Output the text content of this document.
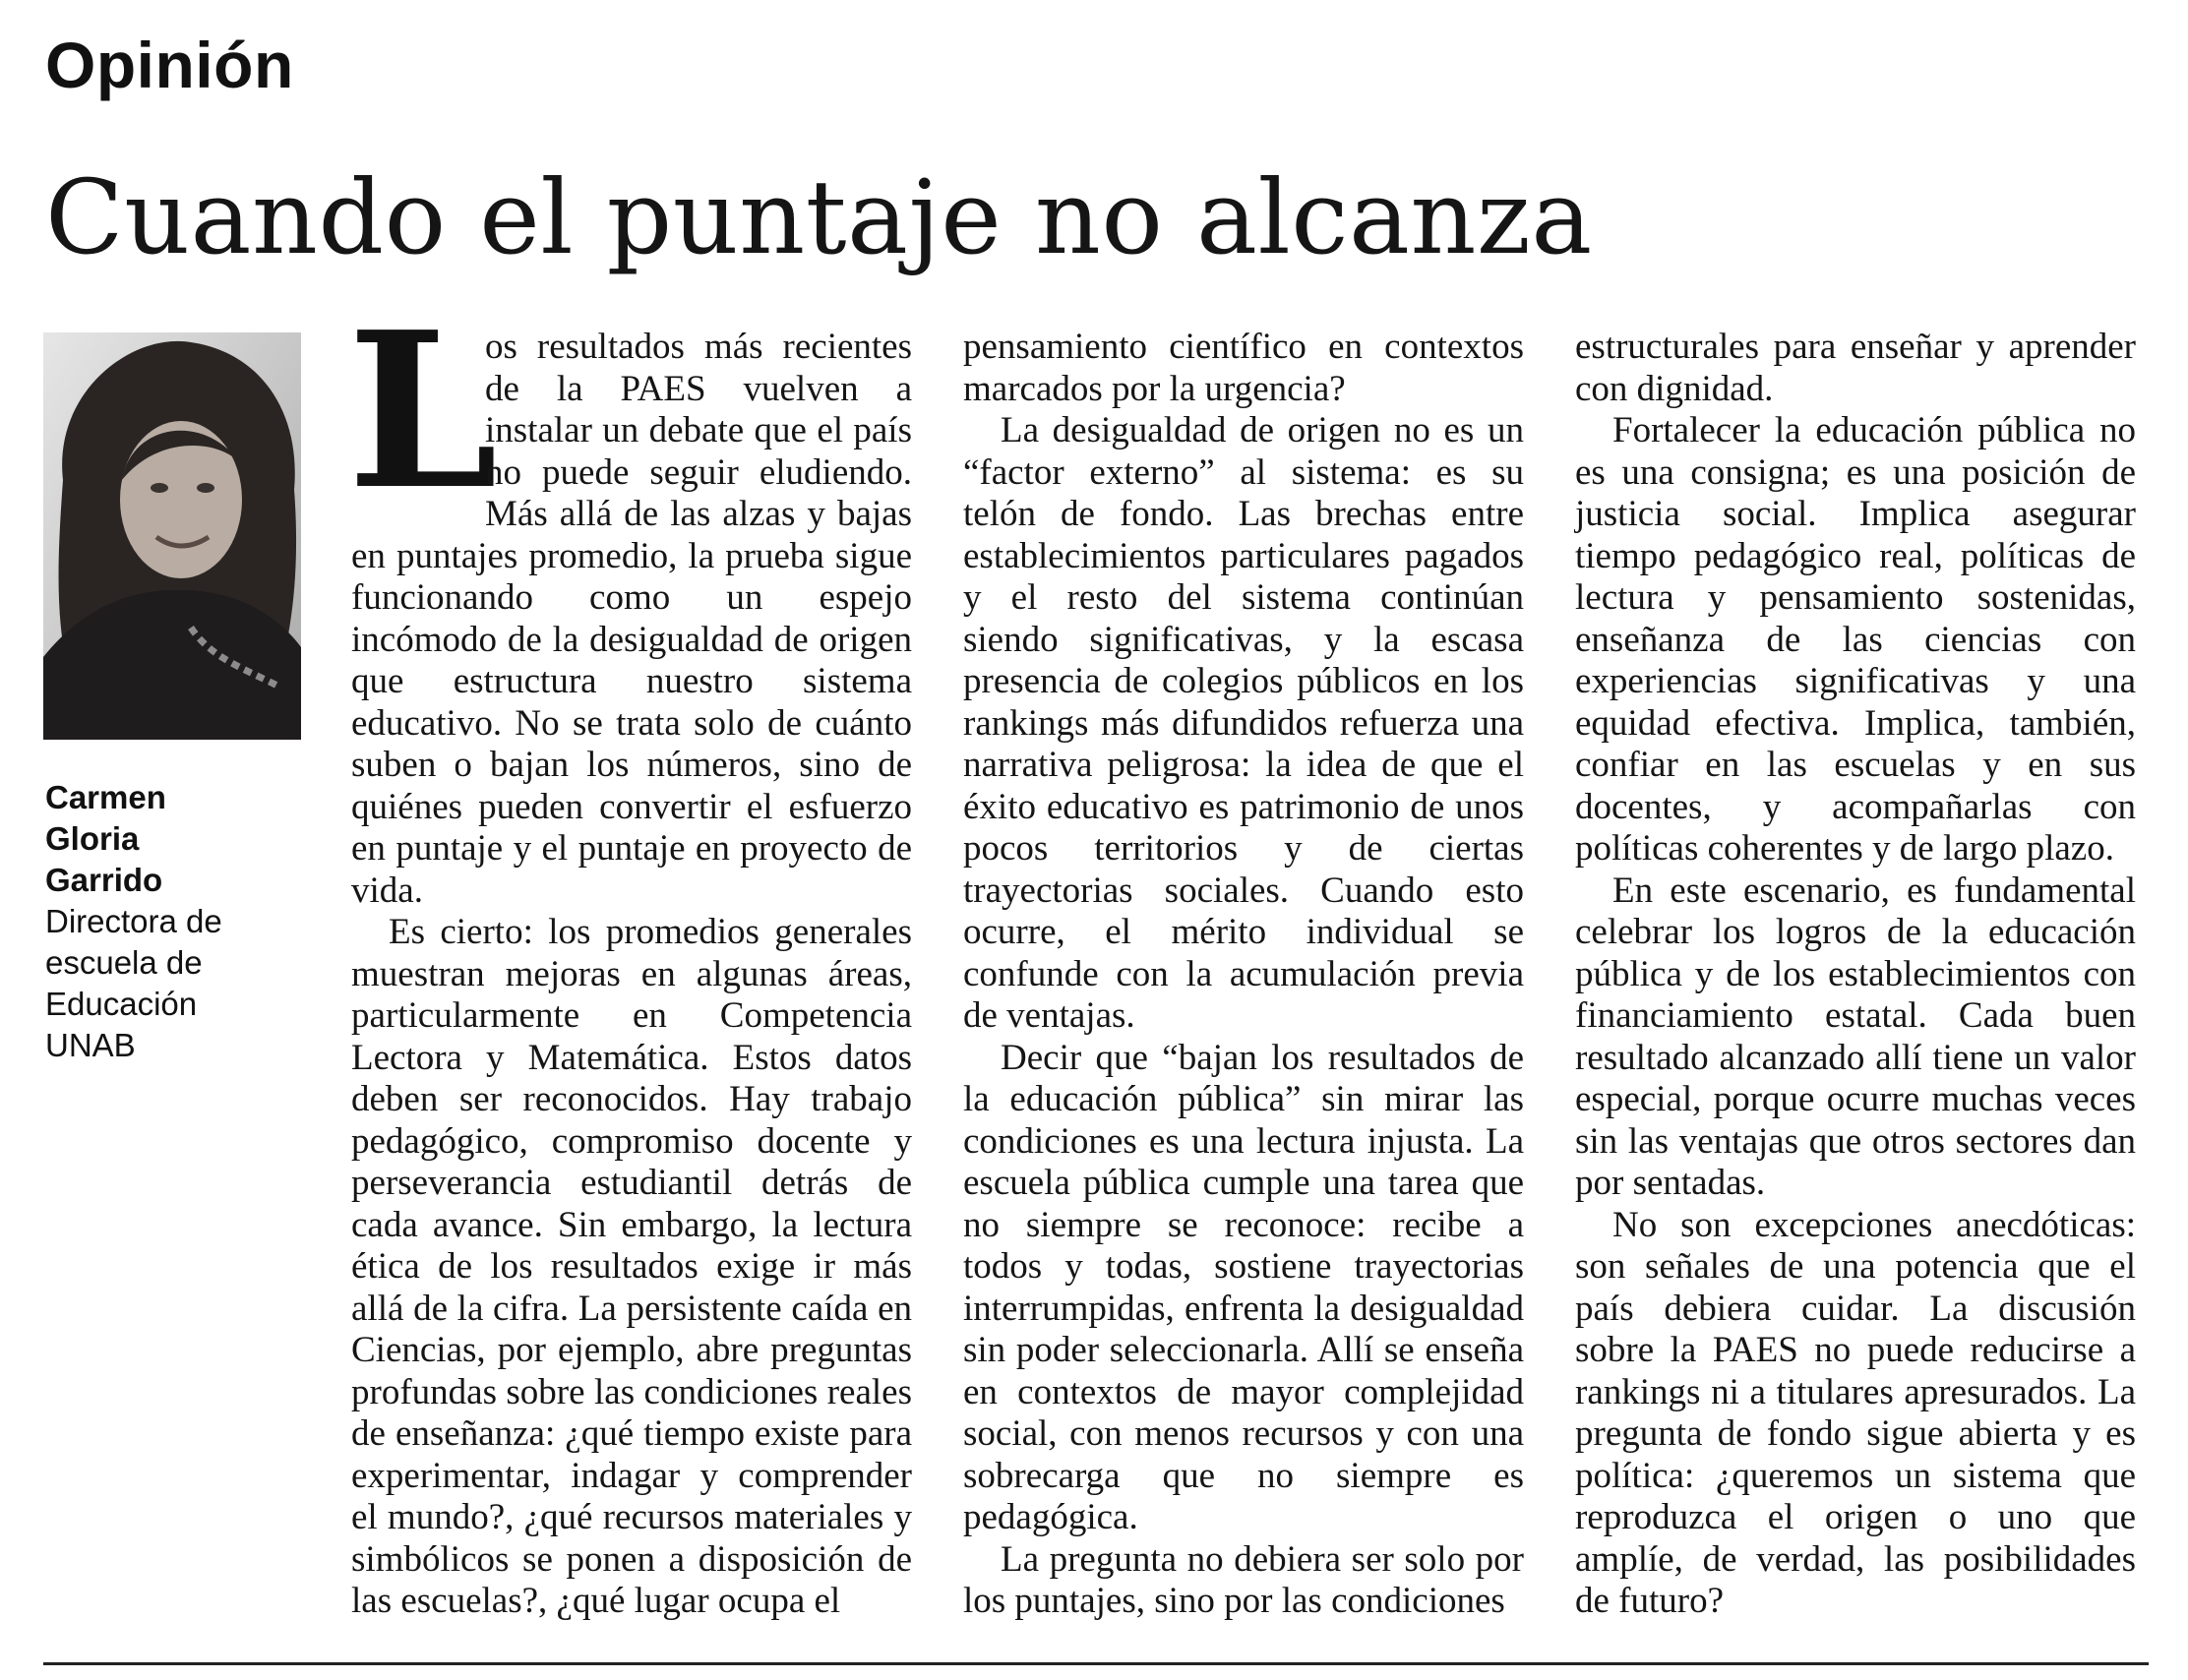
Opinión
Cuando el puntaje no alcanza
Carmen
Gloria
Garrido
Directora de
escuela de
Educación
UNAB

L
os resultados más recientes de la PAES vuelven a instalar un debate que el país no puede seguir eludiendo. Más allá de las alzas y bajas en puntajes promedio, la prueba sigue funcionando como un espejo incómodo de la desigualdad de origen que estructura nuestro sistema educativo. No se trata solo de cuánto suben o bajan los números, sino de quiénes pueden convertir el esfuerzo en puntaje y el puntaje en proyecto de vida.

Es cierto: los promedios generales muestran mejoras en algunas áreas, particularmente en Competencia Lectora y Matemática. Estos datos deben ser reconocidos. Hay trabajo pedagógico, compromiso docente y perseverancia estudiantil detrás de cada avance. Sin embargo, la lectura ética de los resultados exige ir más allá de la cifra. La persistente caída en Ciencias, por ejemplo, abre preguntas profundas sobre las condiciones reales de enseñanza: ¿qué tiempo existe para experimentar, indagar y comprender el mundo?, ¿qué recursos materiales y simbólicos se ponen a disposición de las escuelas?, ¿qué lugar ocupa el

pensamiento científico en contextos marcados por la urgencia?

La desigualdad de origen no es un “factor externo” al sistema: es su telón de fondo. Las brechas entre establecimientos particulares pagados y el resto del sistema continúan siendo significativas, y la escasa presencia de colegios públicos en los rankings más difundidos refuerza una narrativa peligrosa: la idea de que el éxito educativo es patrimonio de unos pocos territorios y de ciertas trayectorias sociales. Cuando esto ocurre, el mérito individual se confunde con la acumulación previa de ventajas.

Decir que “bajan los resultados de la educación pública” sin mirar las condiciones es una lectura injusta. La escuela pública cumple una tarea que no siempre se reconoce: recibe a todos y todas, sostiene trayectorias interrumpidas, enfrenta la desigualdad sin poder seleccionarla. Allí se enseña en contextos de mayor complejidad social, con menos recursos y con una sobrecarga que no siempre es pedagógica.

La pregunta no debiera ser solo por los puntajes, sino por las condiciones

estructurales para enseñar y aprender con dignidad.

Fortalecer la educación pública no es una consigna; es una posición de justicia social. Implica asegurar tiempo pedagógico real, políticas de lectura y pensamiento sostenidas, enseñanza de las ciencias con experiencias significativas y una equidad efectiva. Implica, también, confiar en las escuelas y en sus docentes, y acompañarlas con políticas coherentes y de largo plazo.

En este escenario, es fundamental celebrar los logros de la educación pública y de los establecimientos con financiamiento estatal. Cada buen resultado alcanzado allí tiene un valor especial, porque ocurre muchas veces sin las ventajas que otros sectores dan por sentadas.

No son excepciones anecdóticas: son señales de una potencia que el país debiera cuidar. La discusión sobre la PAES no puede reducirse a rankings ni a titulares apresurados. La pregunta de fondo sigue abierta y es política: ¿queremos un sistema que reproduzca el origen o uno que amplíe, de verdad, las posibilidades de futuro?
